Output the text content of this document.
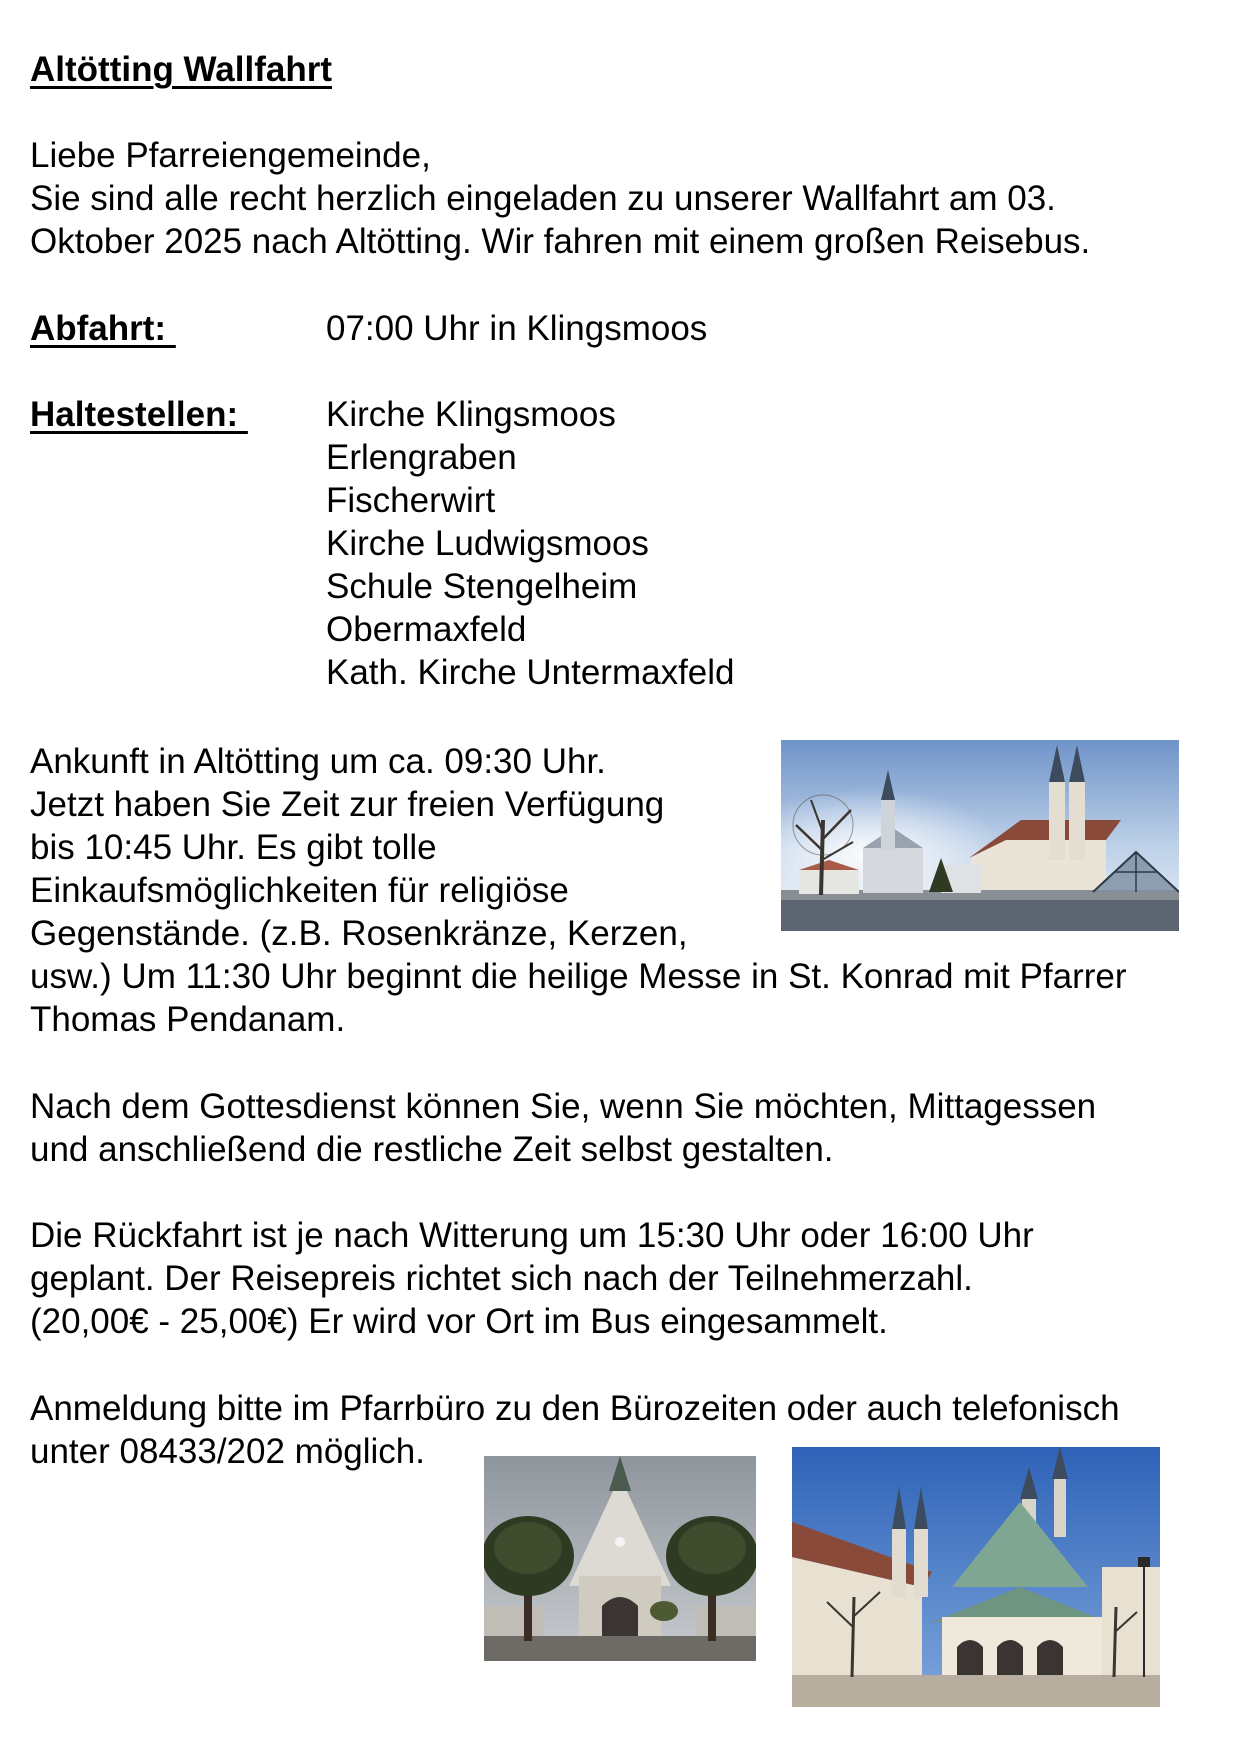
Altötting Wallfahrt
Liebe Pfarreiengemeinde,
Sie sind alle recht herzlich eingeladen zu unserer Wallfahrt am 03.
Oktober 2025 nach Altötting. Wir fahren mit einem großen Reisebus.
Abfahrt:	07:00 Uhr in Klingsmoos
Haltestellen: Kirche Klingsmoos
Erlengraben
Fischerwirt
Kirche Ludwigsmoos
Schule Stengelheim
Obermaxfeld
Kath. Kirche Untermaxfeld
Ankunft in Altötting um ca. 09:30 Uhr.
Jetzt haben Sie Zeit zur freien Verfügung
bis 10:45 Uhr. Es gibt tolle
Einkaufsmöglichkeiten für religiöse
Gegenstände. (z.B. Rosenkränze, Kerzen,
usw.) Um 11:30 Uhr beginnt die heilige Messe in St. Konrad mit Pfarrer
Thomas Pendanam.
Nach dem Gottesdienst können Sie, wenn Sie möchten, Mittagessen
und anschließend die restliche Zeit selbst gestalten.
Die Rückfahrt ist je nach Witterung um 15:30 Uhr oder 16:00 Uhr
geplant. Der Reisepreis richtet sich nach der Teilnehmerzahl.
(20,00€ - 25,00€) Er wird vor Ort im Bus eingesammelt.
Anmeldung bitte im Pfarrbüro zu den Bürozeiten oder auch telefonisch
unter 08433/202 möglich.
